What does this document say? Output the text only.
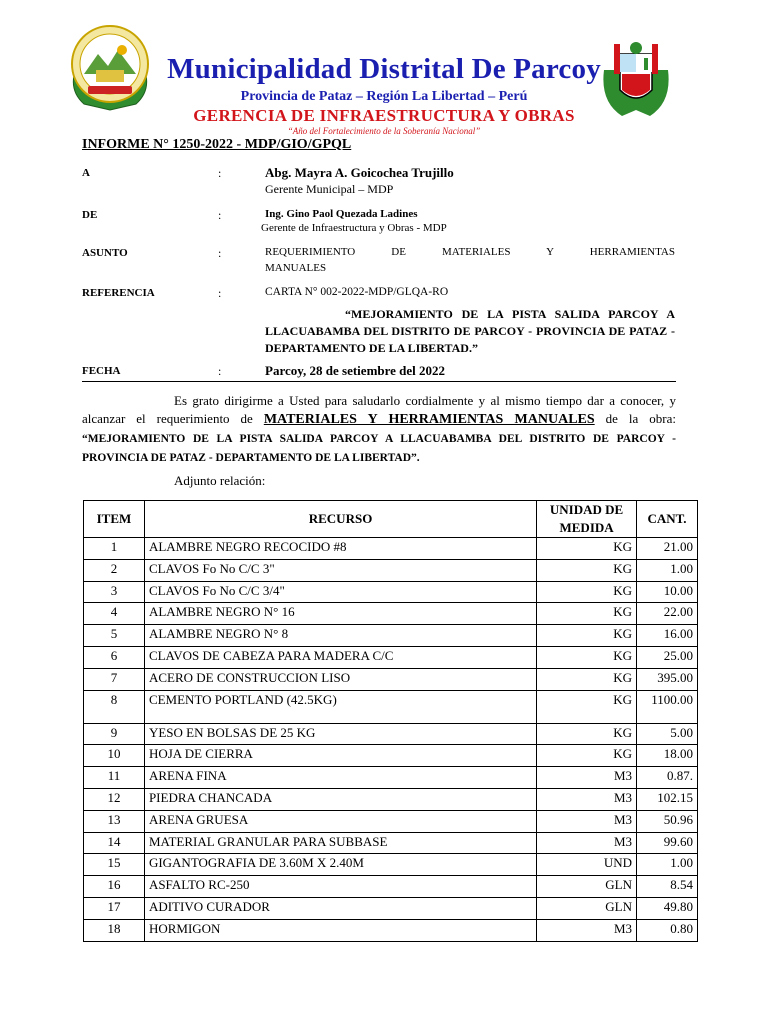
Municipalidad Distrital De Parcoy
Provincia de Pataz – Región La Libertad – Perú
GERENCIA DE INFRAESTRUCTURA Y OBRAS
“Año del Fortalecimiento de la Soberanía Nacional”
INFORME N° 1250-2022 - MDP/GIO/GPQL
A	:	Abg. Mayra A. Goicochea Trujillo
Gerente Municipal – MDP
DE	:	Ing. Gino Paol Quezada Ladines
Gerente de Infraestructura y Obras - MDP
ASUNTO	:	REQUERIMIENTO DE MATERIALES Y HERRAMIENTAS
MANUALES
REFERENCIA	:	CARTA N° 002-2022-MDP/GLQA-RO
“MEJORAMIENTO DE LA PISTA SALIDA PARCOY A LLACUABAMBA DEL DISTRITO DE PARCOY - PROVINCIA DE PATAZ - DEPARTAMENTO DE LA LIBERTAD.”
FECHA	:	Parcoy, 28 de setiembre del 2022
Es grato dirigirme a Usted para saludarlo cordialmente y al mismo tiempo dar a conocer, y alcanzar el requerimiento de MATERIALES Y HERRAMIENTAS MANUALES de la obra: “MEJORAMIENTO DE LA PISTA SALIDA PARCOY A LLACUABAMBA DEL DISTRITO DE PARCOY - PROVINCIA DE PATAZ - DEPARTAMENTO DE LA LIBERTAD”.
Adjunto relación:
ITEM	RECURSO	UNIDAD DE MEDIDA	CANT.
1	ALAMBRE NEGRO RECOCIDO #8	KG	21.00
2	CLAVOS Fo No C/C 3"	KG	1.00
3	CLAVOS Fo No C/C 3/4"	KG	10.00
4	ALAMBRE NEGRO N° 16	KG	22.00
5	ALAMBRE NEGRO N° 8	KG	16.00
6	CLAVOS DE CABEZA PARA MADERA C/C	KG	25.00
7	ACERO DE CONSTRUCCION LISO	KG	395.00
8	CEMENTO PORTLAND (42.5KG)	KG	1100.00
9	YESO EN BOLSAS DE 25 KG	KG	5.00
10	HOJA DE CIERRA	KG	18.00
11	ARENA FINA	M3	0.87.
12	PIEDRA CHANCADA	M3	102.15
13	ARENA GRUESA	M3	50.96
14	MATERIAL GRANULAR PARA SUBBASE	M3	99.60
15	GIGANTOGRAFIA DE 3.60M X 2.40M	UND	1.00
16	ASFALTO RC-250	GLN	8.54
17	ADITIVO CURADOR	GLN	49.80
18	HORMIGON	M3	0.80
